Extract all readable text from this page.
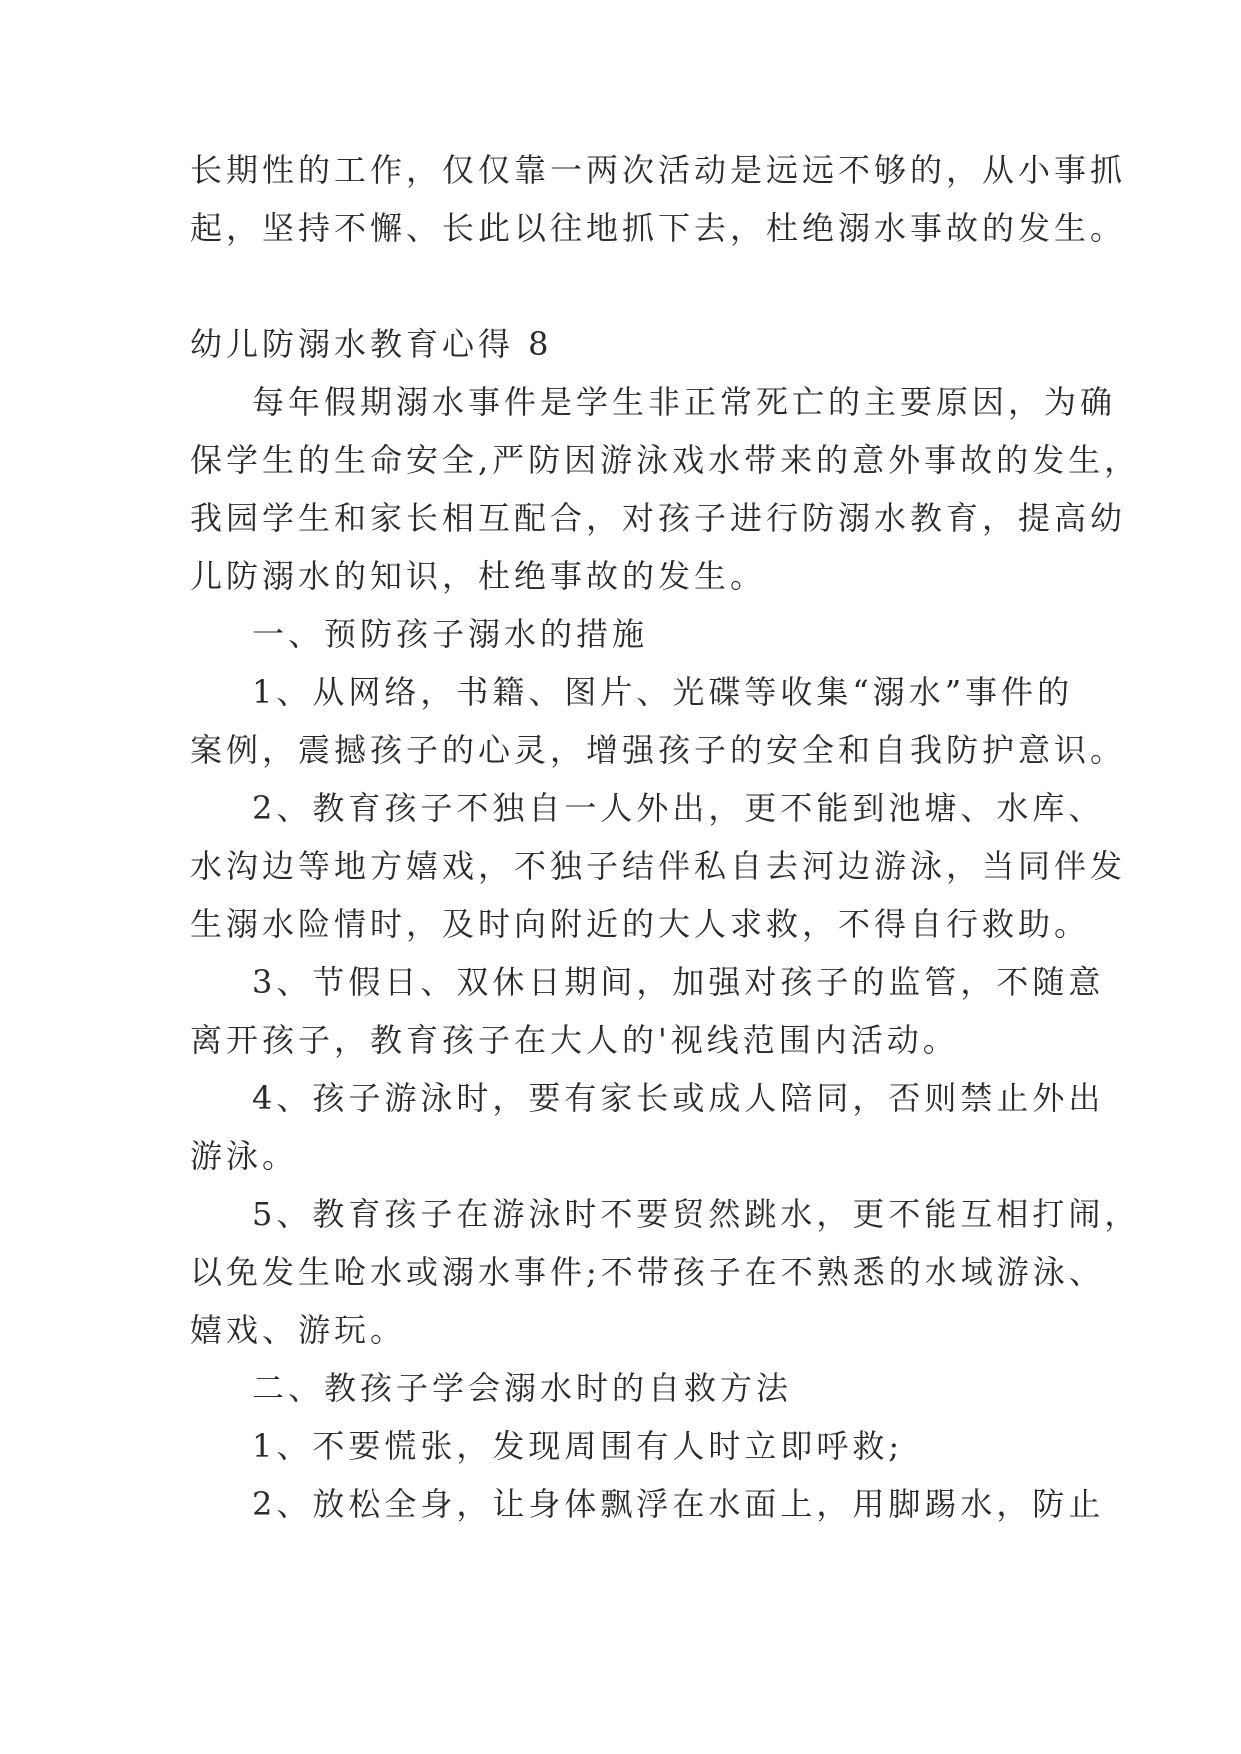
长期性的工作，仅仅靠一两次活动是远远不够的，从小事抓
起，坚持不懈、长此以往地抓下去，杜绝溺水事故的发生。
幼儿防溺水教育心得 8
每年假期溺水事件是学生非正常死亡的主要原因，为确
保学生的生命安全,严防因游泳戏水带来的意外事故的发生，
我园学生和家长相互配合，对孩子进行防溺水教育，提高幼
儿防溺水的知识，杜绝事故的发生。
一、预防孩子溺水的措施
1、从网络，书籍、图片、光碟等收集“溺水”事件的
案例，震撼孩子的心灵，增强孩子的安全和自我防护意识。
2、教育孩子不独自一人外出，更不能到池塘、水库、
水沟边等地方嬉戏，不独子结伴私自去河边游泳，当同伴发
生溺水险情时，及时向附近的大人求救，不得自行救助。
3、节假日、双休日期间，加强对孩子的监管，不随意
离开孩子，教育孩子在大人的'视线范围内活动。
4、孩子游泳时，要有家长或成人陪同，否则禁止外出
游泳。
5、教育孩子在游泳时不要贸然跳水，更不能互相打闹，
以免发生呛水或溺水事件;不带孩子在不熟悉的水域游泳、
嬉戏、游玩。
二、教孩子学会溺水时的自救方法
1、不要慌张，发现周围有人时立即呼救;
2、放松全身，让身体飘浮在水面上，用脚踢水，防止
